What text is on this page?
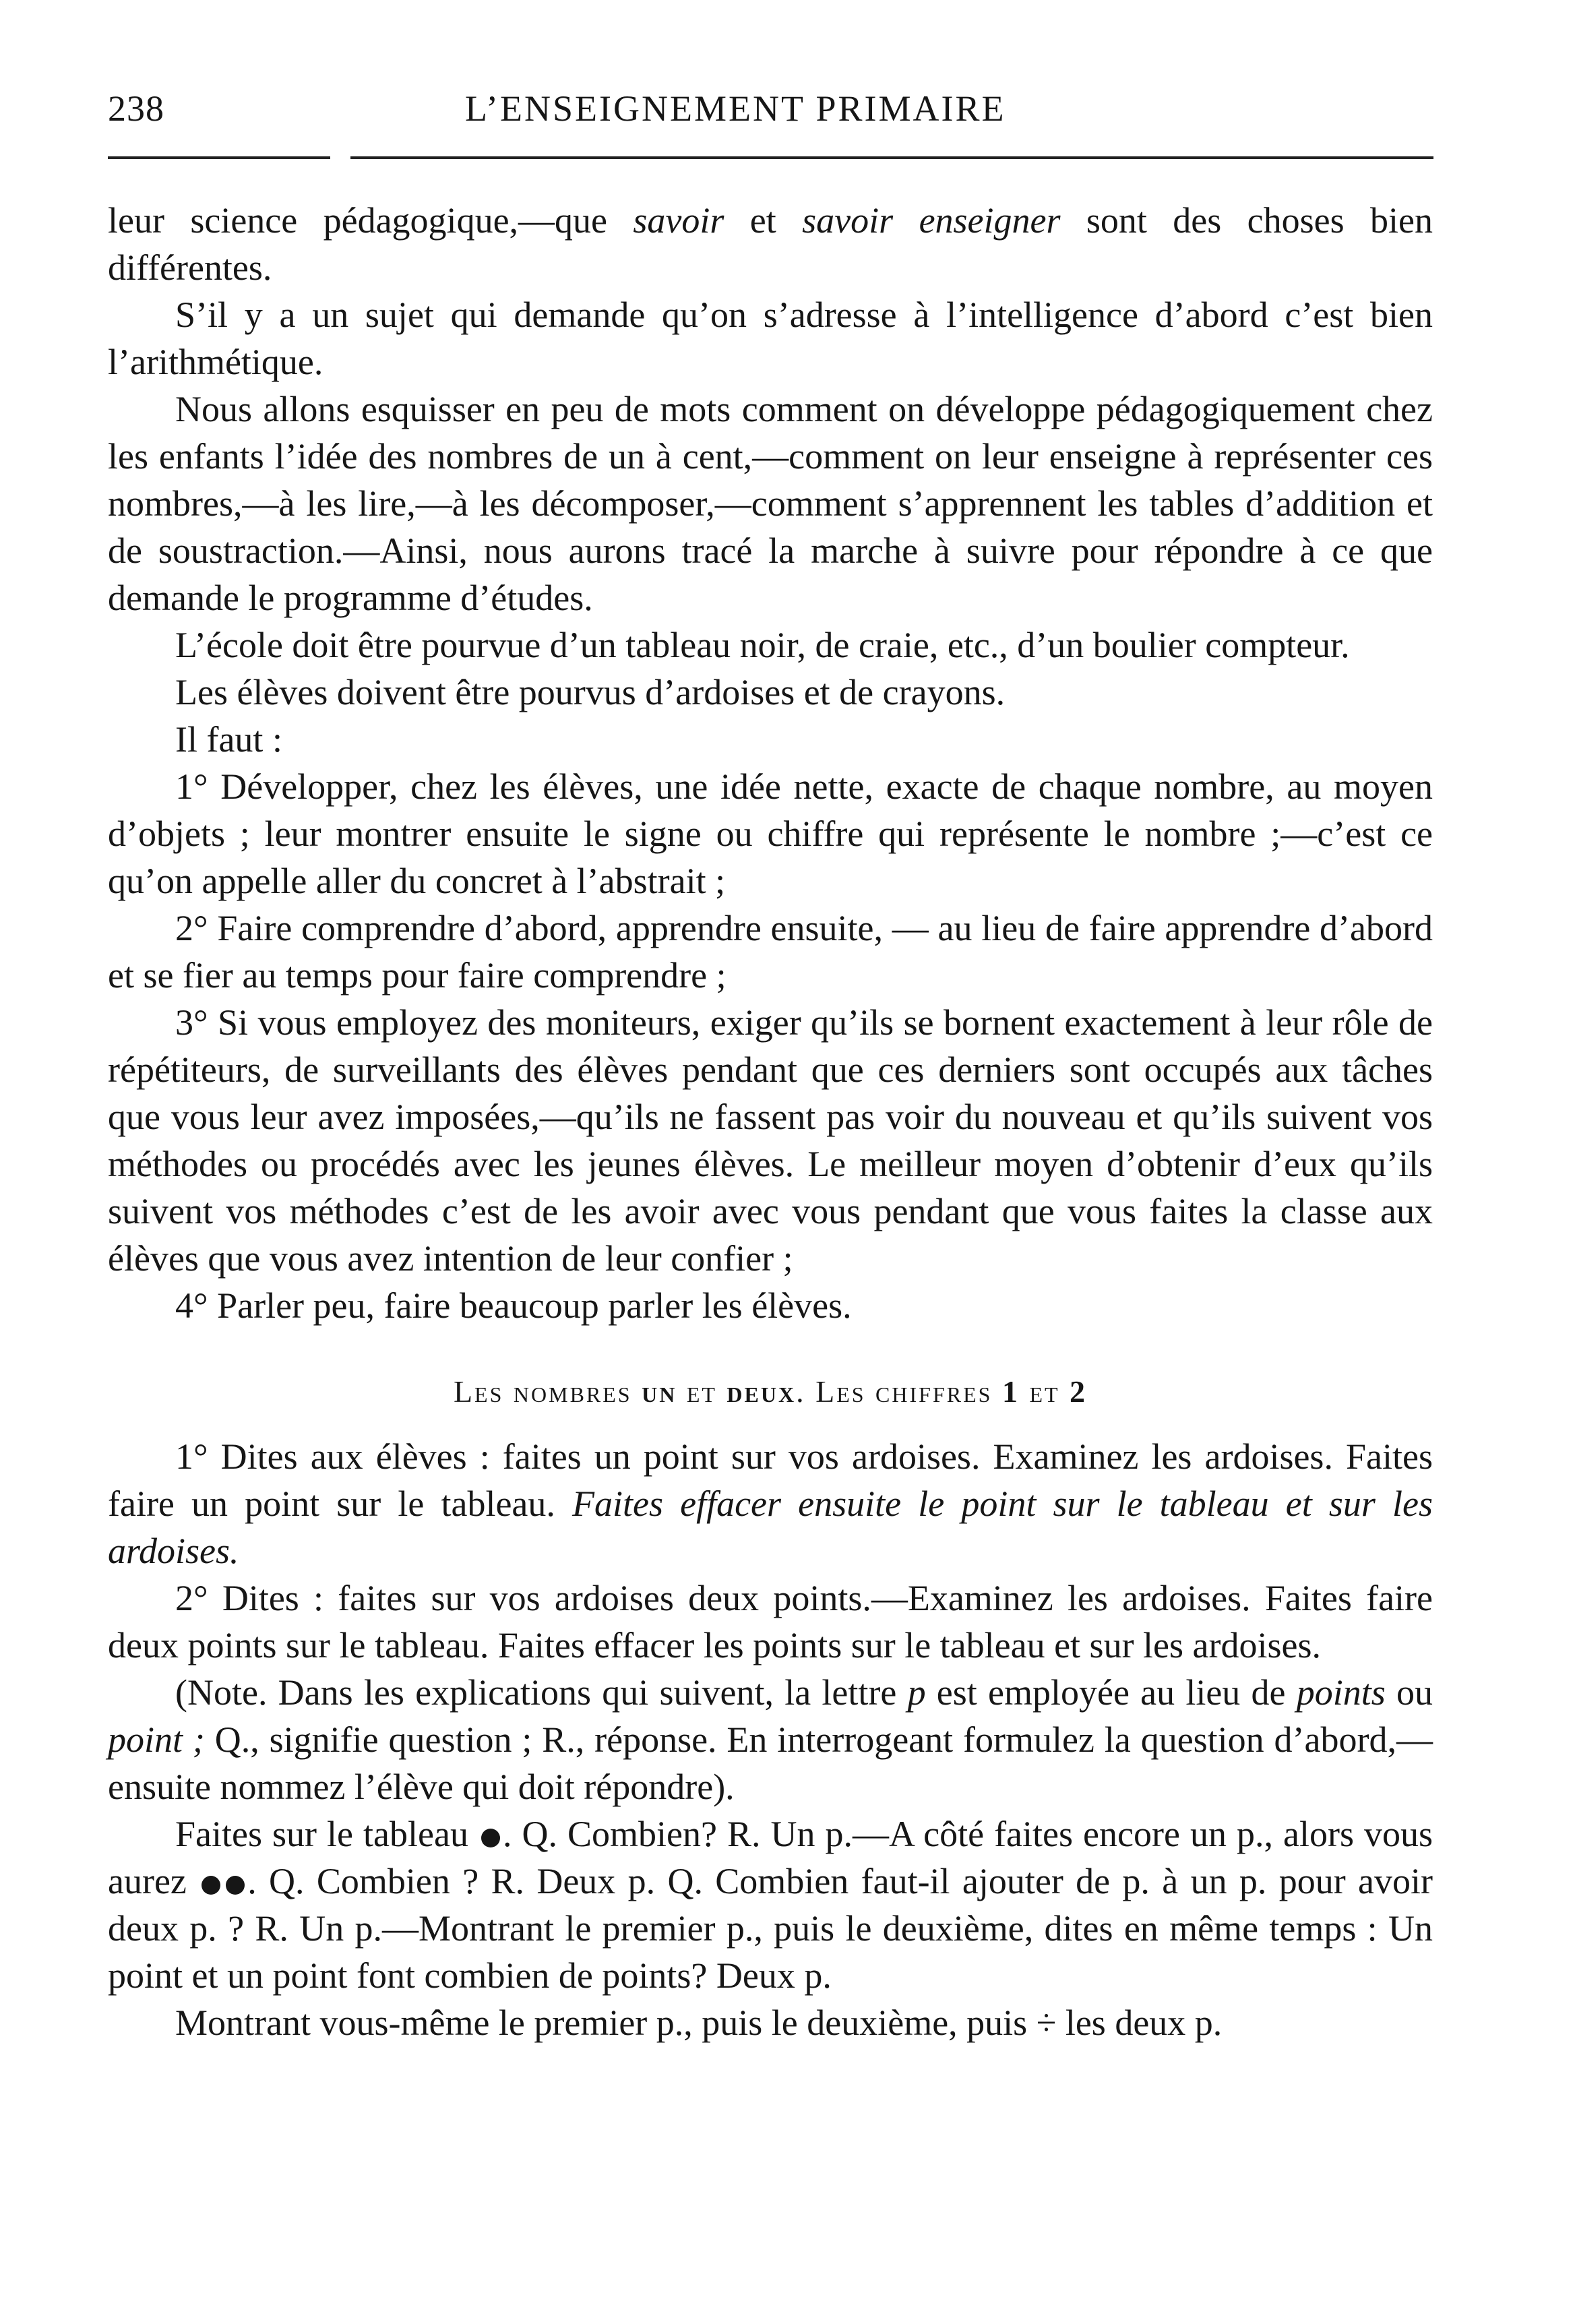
238	L’ENSEIGNEMENT PRIMAIRE

leur science pédagogique,—que savoir et savoir enseigner sont des choses bien différentes.

S’il y a un sujet qui demande qu’on s’adresse à l’intelligence d’abord c’est bien l’arithmétique.

Nous allons esquisser en peu de mots comment on développe pédagogiquement chez les enfants l’idée des nombres de un à cent,—comment on leur enseigne à représenter ces nombres,—à les lire,—à les décomposer,—comment s’apprennent les tables d’addition et de soustraction.—Ainsi, nous aurons tracé la marche à suivre pour répondre à ce que demande le programme d’études.

L’école doit être pourvue d’un tableau noir, de craie, etc., d’un boulier compteur.

Les élèves doivent être pourvus d’ardoises et de crayons.

Il faut :

1° Développer, chez les élèves, une idée nette, exacte de chaque nombre, au moyen d’objets ; leur montrer ensuite le signe ou chiffre qui représente le nombre ;—c’est ce qu’on appelle aller du concret à l’abstrait ;

2° Faire comprendre d’abord, apprendre ensuite, — au lieu de faire apprendre d’abord et se fier au temps pour faire comprendre ;

3° Si vous employez des moniteurs, exiger qu’ils se bornent exactement à leur rôle de répétiteurs, de surveillants des élèves pendant que ces derniers sont occupés aux tâches que vous leur avez imposées,—qu’ils ne fassent pas voir du nouveau et qu’ils suivent vos méthodes ou procédés avec les jeunes élèves. Le meilleur moyen d’obtenir d’eux qu’ils suivent vos méthodes c’est de les avoir avec vous pendant que vous faites la classe aux élèves que vous avez intention de leur confier ;

4° Parler peu, faire beaucoup parler les élèves.

Les nombres un et deux. Les chiffres 1 et 2

1° Dites aux élèves : faites un point sur vos ardoises. Examinez les ardoises. Faites faire un point sur le tableau. Faites effacer ensuite le point sur le tableau et sur les ardoises.

2° Dites : faites sur vos ardoises deux points.—Examinez les ardoises. Faites faire deux points sur le tableau. Faites effacer les points sur le tableau et sur les ardoises.

(Note. Dans les explications qui suivent, la lettre p est employée au lieu de points ou point ; Q., signifie question ; R., réponse. En interrogeant formulez la question d’abord,—ensuite nommez l’élève qui doit répondre).

Faites sur le tableau . Q. Combien? R. Un p.—A côté faites encore un p., alors vous aurez . Q. Combien ? R. Deux p. Q. Combien faut-il ajouter de p. à un p. pour avoir deux p. ? R. Un p.—Montrant le premier p., puis le deuxième, dites en même temps : Un point et un point font combien de points? Deux p.

Montrant vous-même le premier p., puis le deuxième, puis ÷ les deux p.
